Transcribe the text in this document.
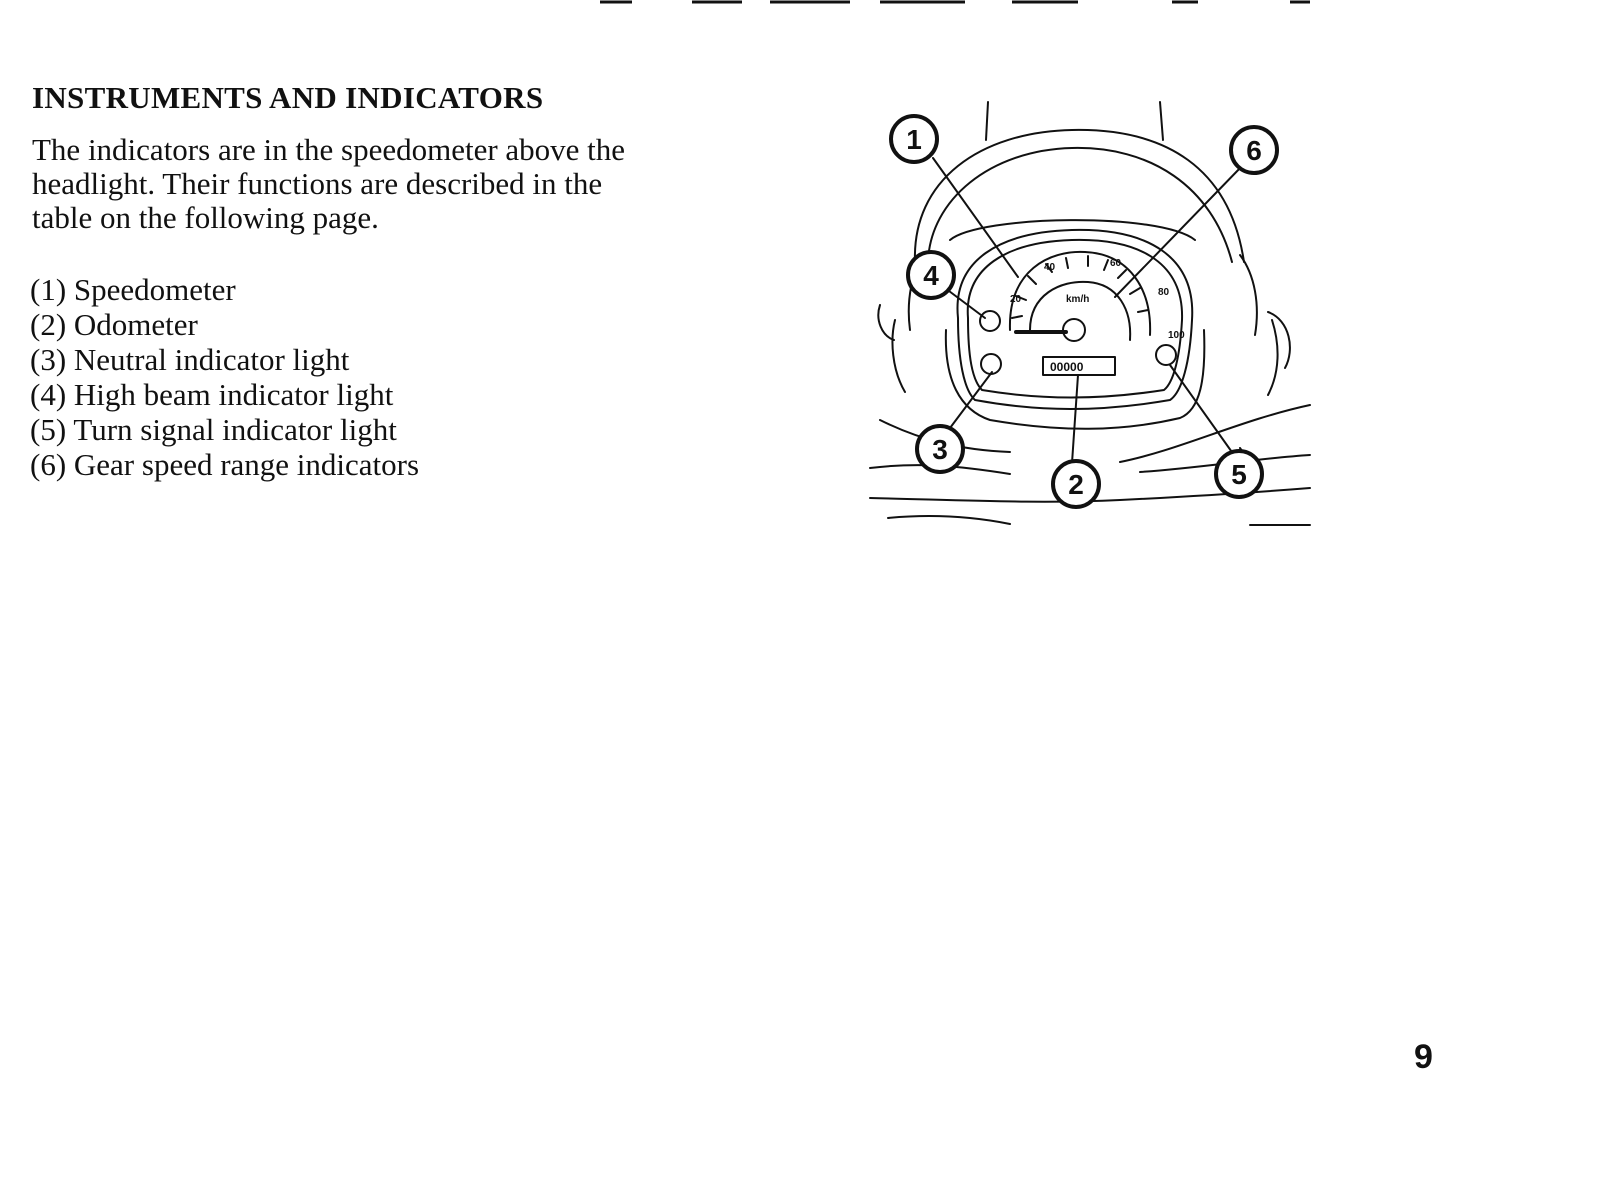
INSTRUMENTS AND INDICATORS

The indicators are in the speedometer above the
headlight. Their functions are described in the
table on the following page.

(1) Speedometer
(2) Odometer
(3) Neutral indicator light
(4) High beam indicator light
(5) Turn signal indicator light
(6) Gear speed range indicators
20
40	60
80
100
km/h
00000
1	6
4
3
2	5
9
